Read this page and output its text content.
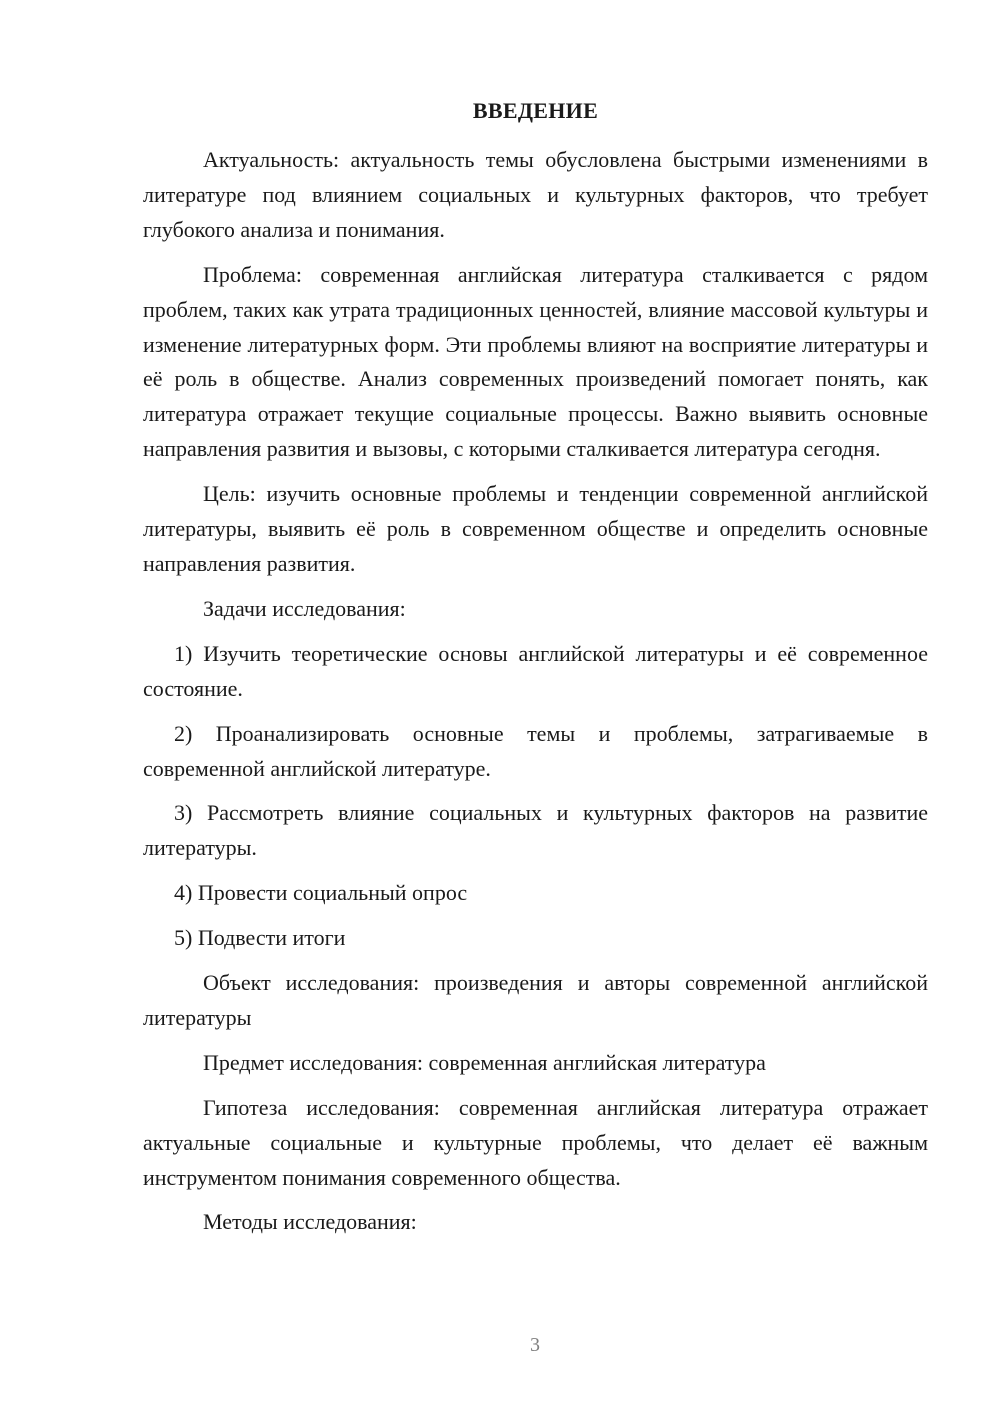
ВВЕДЕНИЕ

Актуальность: актуальность темы обусловлена быстрыми изменениями в литературе под влиянием социальных и культурных факторов, что требует глубокого анализа и понимания.

Проблема: современная английская литература сталкивается с рядом проблем, таких как утрата традиционных ценностей, влияние массовой культуры и изменение литературных форм. Эти проблемы влияют на восприятие литературы и её роль в обществе. Анализ современных произведений помогает понять, как литература отражает текущие социальные процессы. Важно выявить основные направления развития и вызовы, с которыми сталкивается литература сегодня.

Цель: изучить основные проблемы и тенденции современной английской литературы, выявить её роль в современном обществе и определить основные направления развития.

Задачи исследования:

1) Изучить теоретические основы английской литературы и её современное состояние.

2) Проанализировать основные темы и проблемы, затрагиваемые в современной английской литературе.

3) Рассмотреть влияние социальных и культурных факторов на развитие литературы.

4) Провести социальный опрос

5) Подвести итоги

Объект исследования: произведения и авторы современной английской литературы

Предмет исследования: современная английская литература

Гипотеза исследования: современная английская литература отражает актуальные социальные и культурные проблемы, что делает её важным инструментом понимания современного общества.

Методы исследования:

3
